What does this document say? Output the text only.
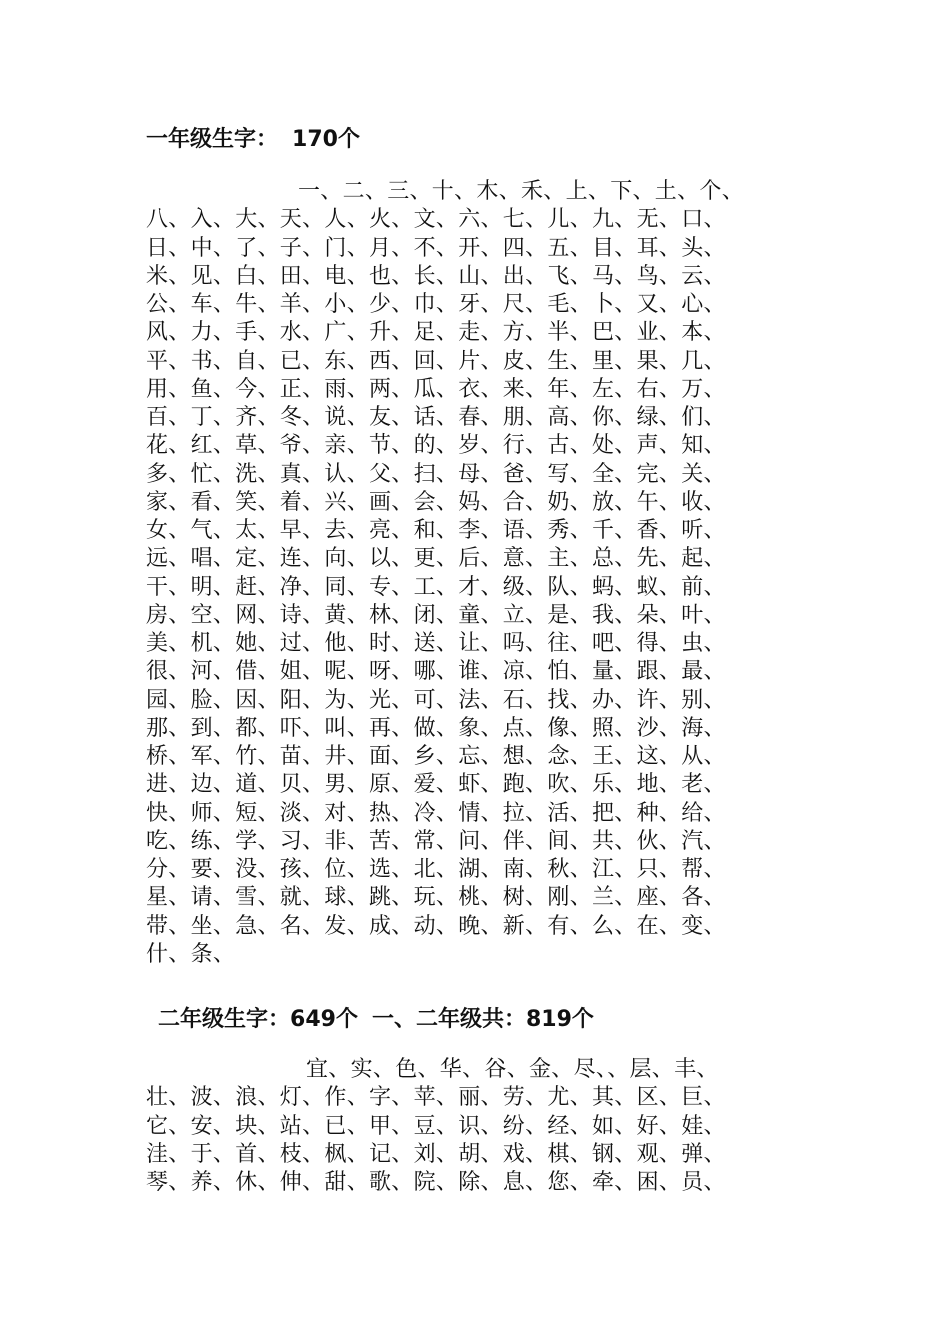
一年级生字： 170个
一、二、三、十、木、禾、上、下、土、个、
八、入、大、天、人、火、文、六、七、儿、九、无、口、
日、中、了、子、门、月、不、开、四、五、目、耳、头、
米、见、白、田、电、也、长、山、出、飞、马、鸟、云、
公、车、牛、羊、小、少、巾、牙、尺、毛、卜、又、心、
风、力、手、水、广、升、足、走、方、半、巴、业、本、
平、书、自、已、东、西、回、片、皮、生、里、果、几、
用、鱼、今、正、雨、两、瓜、衣、来、年、左、右、万、
百、丁、齐、冬、说、友、话、春、朋、高、你、绿、们、
花、红、草、爷、亲、节、的、岁、行、古、处、声、知、
多、忙、洗、真、认、父、扫、母、爸、写、全、完、关、
家、看、笑、着、兴、画、会、妈、合、奶、放、午、收、
女、气、太、早、去、亮、和、李、语、秀、千、香、听、
远、唱、定、连、向、以、更、后、意、主、总、先、起、
干、明、赶、净、同、专、工、才、级、队、蚂、蚁、前、
房、空、网、诗、黄、林、闭、童、立、是、我、朵、叶、
美、机、她、过、他、时、送、让、吗、往、吧、得、虫、
很、河、借、姐、呢、呀、哪、谁、凉、怕、量、跟、最、
园、脸、因、阳、为、光、可、法、石、找、办、许、别、
那、到、都、吓、叫、再、做、象、点、像、照、沙、海、
桥、军、竹、苗、井、面、乡、忘、想、念、王、这、从、
进、边、道、贝、男、原、爱、虾、跑、吹、乐、地、老、
快、师、短、淡、对、热、冷、情、拉、活、把、种、给、
吃、练、学、习、非、苦、常、问、伴、间、共、伙、汽、
分、要、没、孩、位、选、北、湖、南、秋、江、只、帮、
星、请、雪、就、球、跳、玩、桃、树、刚、兰、座、各、
带、坐、急、名、发、成、动、晚、新、有、么、在、变、
什、条、
二年级生字：649个 一、二年级共：819个
宜、实、色、华、谷、金、尽、、层、丰、
壮、波、浪、灯、作、字、苹、丽、劳、尤、其、区、巨、
它、安、块、站、已、甲、豆、识、纷、经、如、好、娃、
洼、于、首、枝、枫、记、刘、胡、戏、棋、钢、观、弹、
琴、养、休、伸、甜、歌、院、除、息、您、牵、困、员、
